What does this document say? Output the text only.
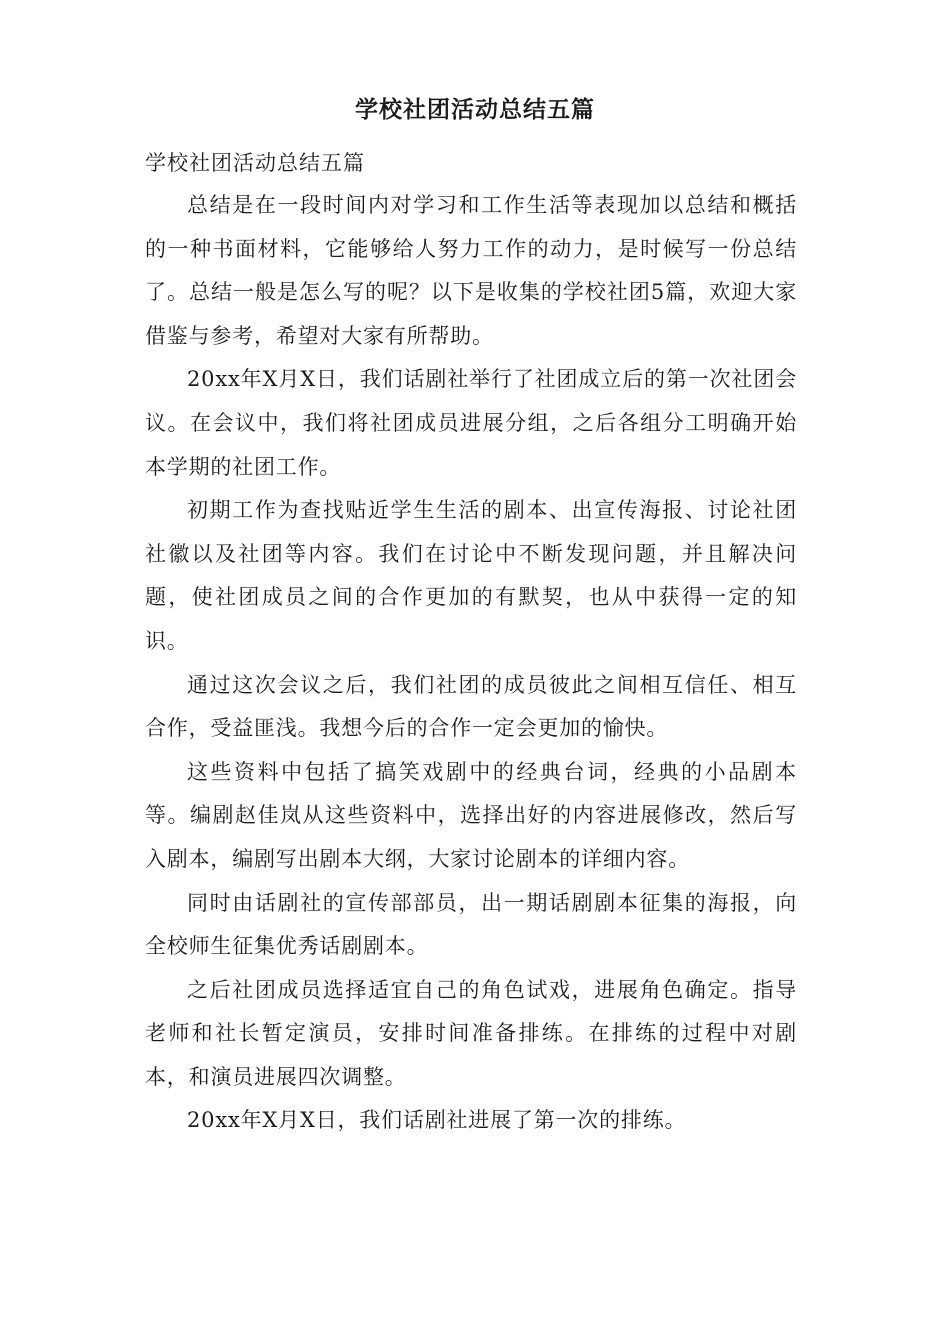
学校社团活动总结五篇
学校社团活动总结五篇

总结是在一段时间内对学习和工作生活等表现加以总结和概括的一种书面材料，它能够给人努力工作的动力，是时候写一份总结了。总结一般是怎么写的呢？以下是收集的学校社团5篇，欢迎大家借鉴与参考，希望对大家有所帮助。

20xx年X月X日，我们话剧社举行了社团成立后的第一次社团会议。在会议中，我们将社团成员进展分组，之后各组分工明确开始本学期的社团工作。

初期工作为查找贴近学生生活的剧本、出宣传海报、讨论社团社徽以及社团等内容。我们在讨论中不断发现问题，并且解决问题，使社团成员之间的合作更加的有默契，也从中获得一定的知识。

通过这次会议之后，我们社团的成员彼此之间相互信任、相互合作，受益匪浅。我想今后的合作一定会更加的愉快。

这些资料中包括了搞笑戏剧中的经典台词，经典的小品剧本等。编剧赵佳岚从这些资料中，选择出好的内容进展修改，然后写入剧本，编剧写出剧本大纲，大家讨论剧本的详细内容。

同时由话剧社的宣传部部员，出一期话剧剧本征集的海报，向全校师生征集优秀话剧剧本。

之后社团成员选择适宜自己的角色试戏，进展角色确定。指导老师和社长暂定演员，安排时间准备排练。在排练的过程中对剧本，和演员进展四次调整。

20xx年X月X日，我们话剧社进展了第一次的排练。
